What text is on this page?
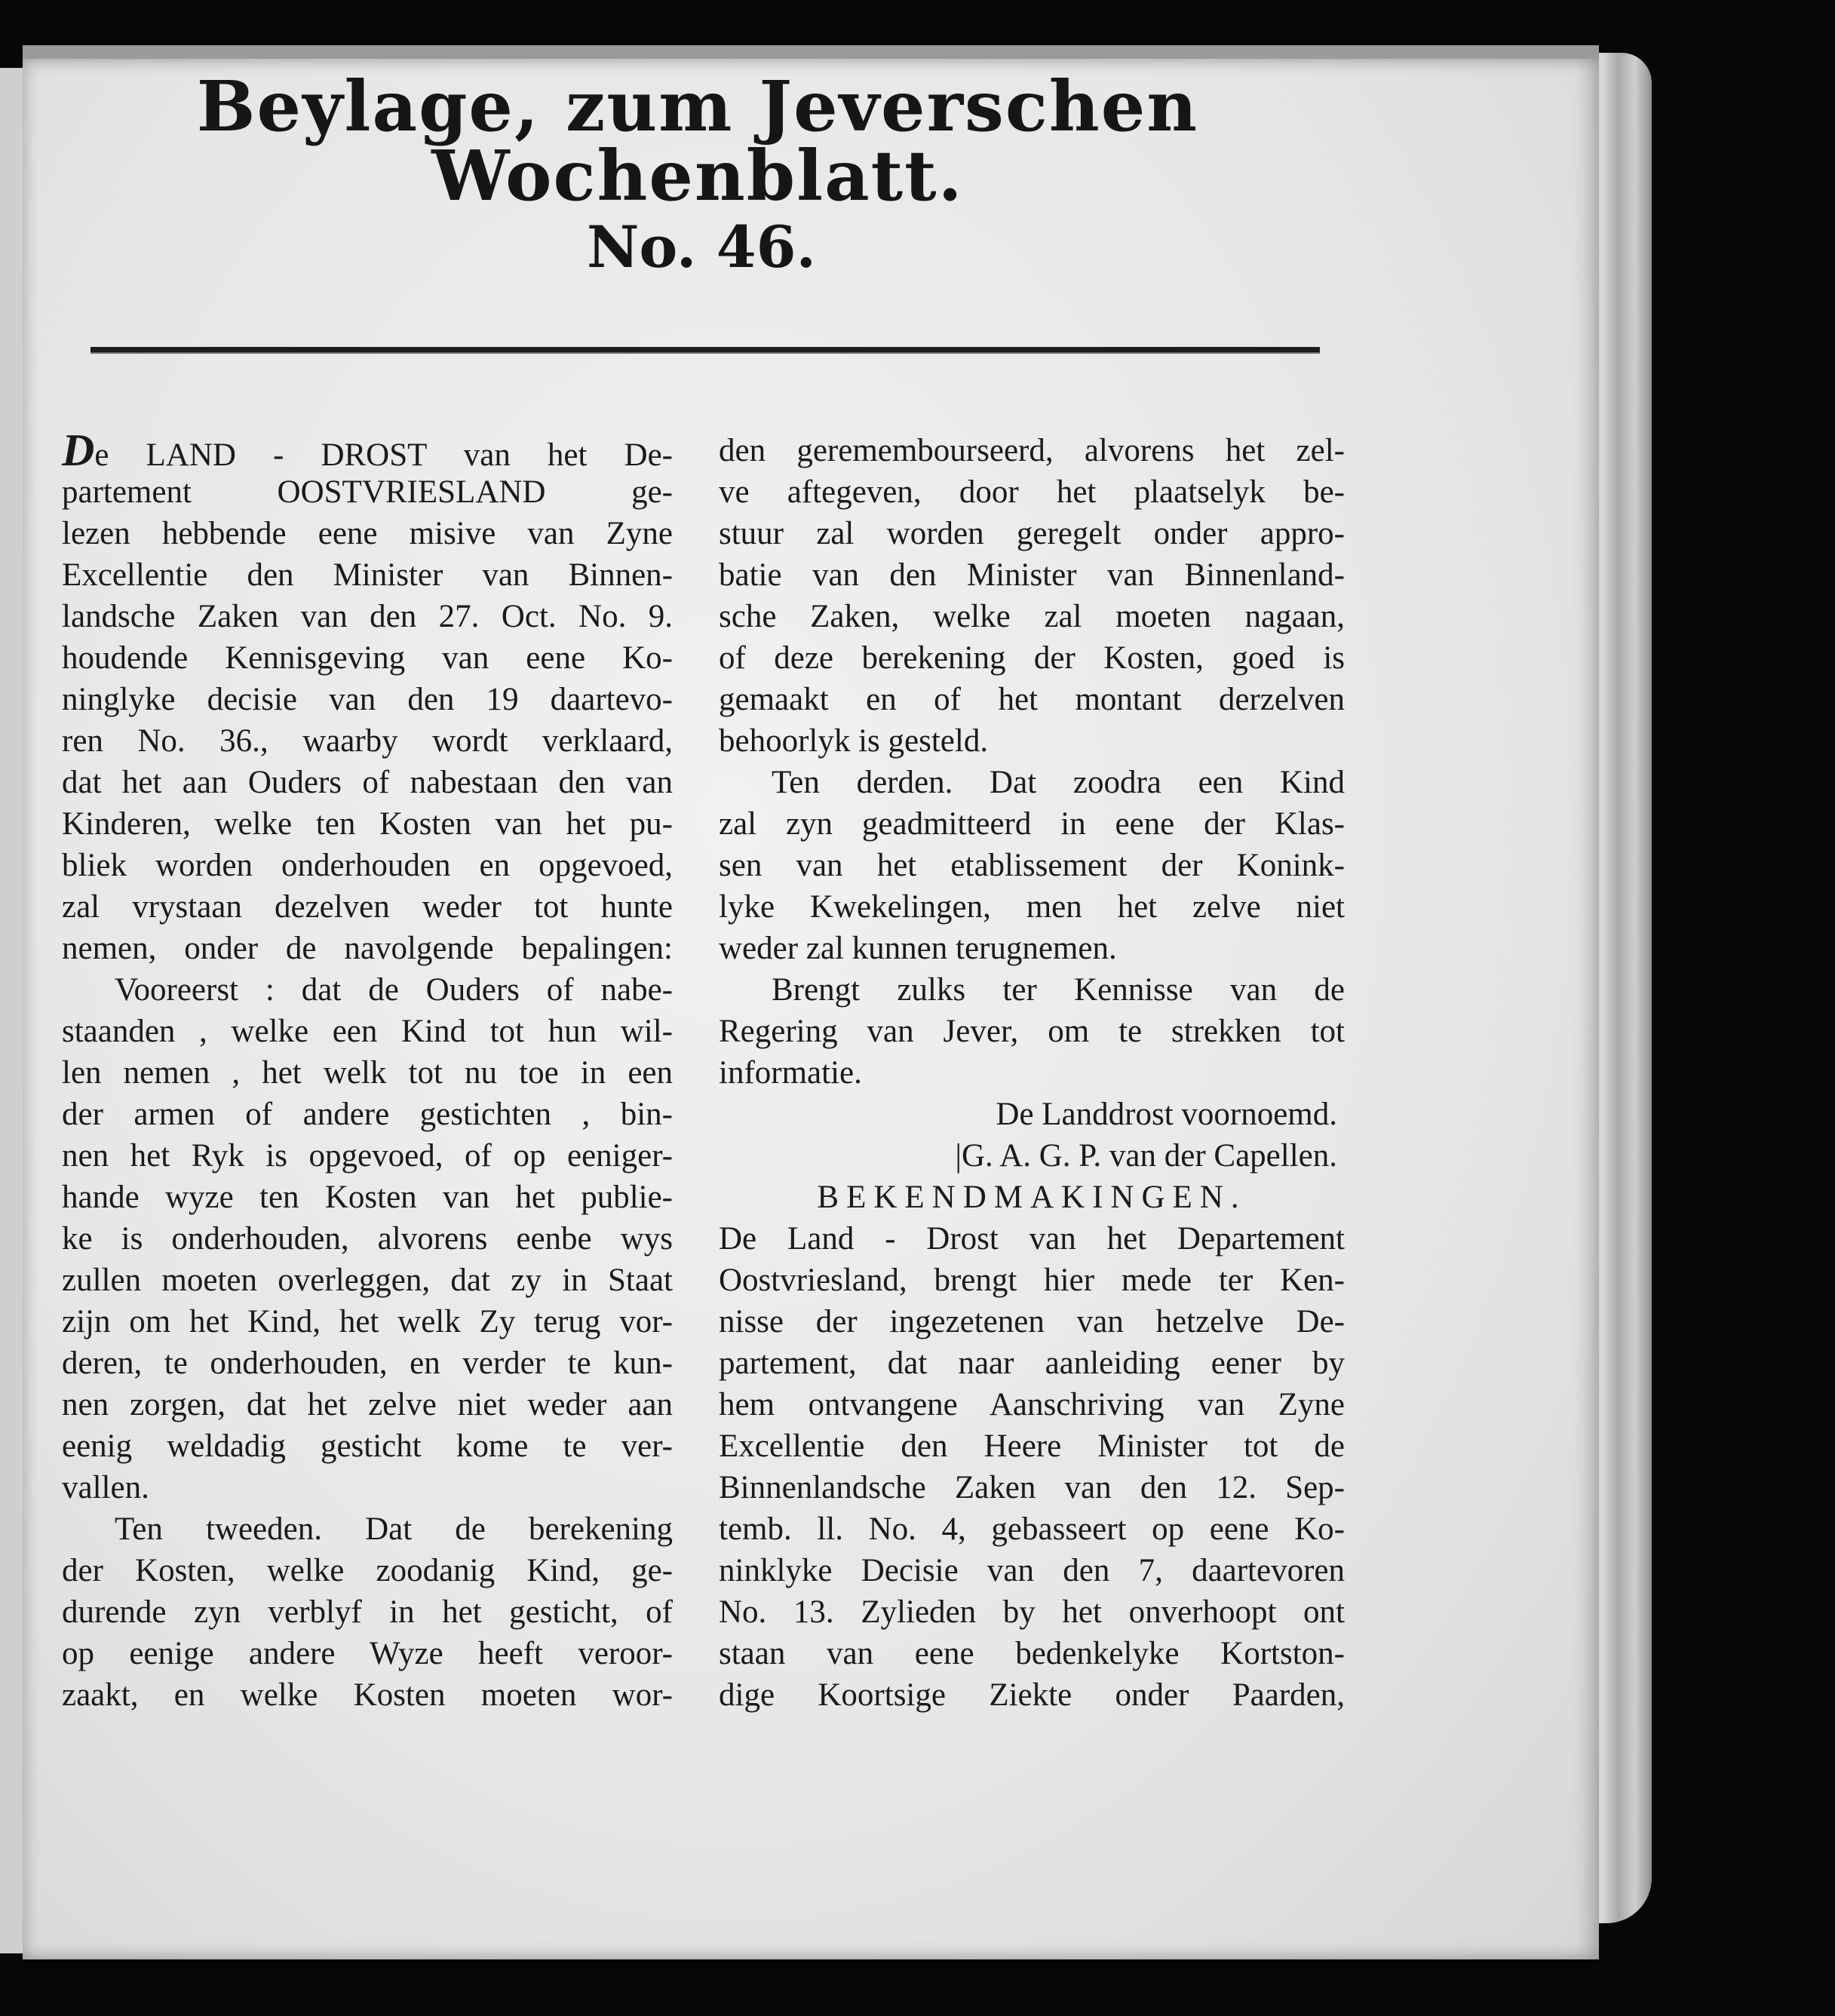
Beylage, zum Jeverschen Wochenblatt.
No. 46.
De LAND - DROST van het De-
partement OOSTVRIESLAND ge-
lezen hebbende eene misive van Zyne
Excellentie den Minister van Binnen-
landsche Zaken van den 27. Oct. No. 9.
houdende Kennisgeving van eene Ko-
ninglyke decisie van den 19 daartevo-
ren No. 36., waarby wordt verklaard,
dat het aan Ouders of nabestaan den van
Kinderen, welke ten Kosten van het pu-
bliek worden onderhouden en opgevoed,
zal vrystaan dezelven weder tot hunte
nemen, onder de navolgende bepalingen:
Vooreerst : dat de Ouders of nabe-
staanden , welke een Kind tot hun wil-
len nemen , het welk tot nu toe in een
der armen of andere gestichten , bin-
nen het Ryk is opgevoed, of op eeniger-
hande wyze ten Kosten van het publie-
ke is onderhouden, alvorens eenbe wys
zullen moeten overleggen, dat zy in Staat
zijn om het Kind, het welk Zy terug vor-
deren, te onderhouden, en verder te kun-
nen zorgen, dat het zelve niet weder aan
eenig weldadig gesticht kome te ver-
vallen.
Ten tweeden. Dat de berekening
der Kosten, welke zoodanig Kind, ge-
durende zyn verblyf in het gesticht, of
op eenige andere Wyze heeft veroor-
zaakt, en welke Kosten moeten wor-
den geremembourseerd, alvorens het zel-
ve aftegeven, door het plaatselyk be-
stuur zal worden geregelt onder appro-
batie van den Minister van Binnenland-
sche Zaken, welke zal moeten nagaan,
of deze berekening der Kosten, goed is
gemaakt en of het montant derzelven
behoorlyk is gesteld.
Ten derden. Dat zoodra een Kind
zal zyn geadmitteerd in eene der Klas-
sen van het etablissement der Konink-
lyke Kwekelingen, men het zelve niet
weder zal kunnen terugnemen.
Brengt zulks ter Kennisse van de
Regering van Jever, om te strekken tot
informatie.
De Landdrost voornoemd.
|G. A. G. P. van der Capellen.
BEKENDMAKINGEN.
De Land - Drost van het Departement
Oostvriesland, brengt hier mede ter Ken-
nisse der ingezetenen van hetzelve De-
partement, dat naar aanleiding eener by
hem ontvangene Aanschriving van Zyne
Excellentie den Heere Minister tot de
Binnenlandsche Zaken van den 12. Sep-
temb. ll. No. 4, gebasseert op eene Ko-
ninklyke Decisie van den 7, daartevoren
No. 13. Zylieden by het onverhoopt ont
staan van eene bedenkelyke Kortston-
dige Koortsige Ziekte onder Paarden,
